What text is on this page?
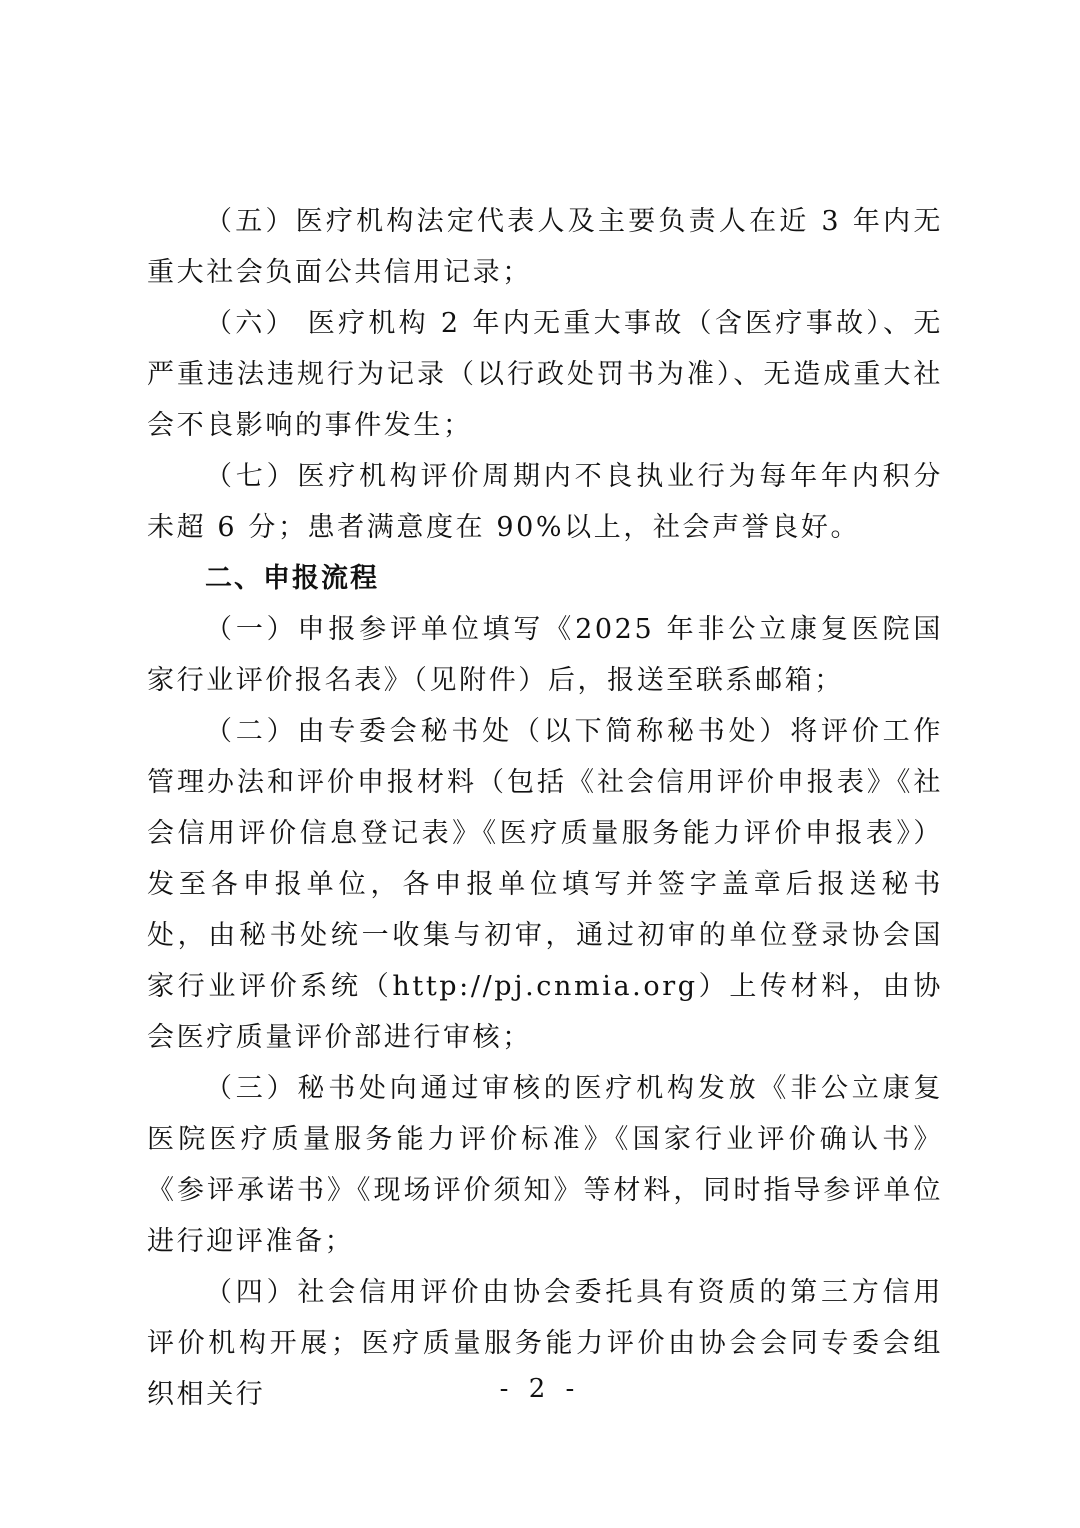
（五）医疗机构法定代表人及主要负责人在近 3 年内无重大社会负面公共信用记录；

（六） 医疗机构 2 年内无重大事故（含医疗事故）、无严重违法违规行为记录（以行政处罚书为准）、无造成重大社会不良影响的事件发生；

（七）医疗机构评价周期内不良执业行为每年年内积分未超 6 分；患者满意度在 90%以上，社会声誉良好。

二、申报流程

（一）申报参评单位填写《2025 年非公立康复医院国家行业评价报名表》（见附件）后，报送至联系邮箱；

（二）由专委会秘书处（以下简称秘书处）将评价工作管理办法和评价申报材料（包括《社会信用评价申报表》《社会信用评价信息登记表》《医疗质量服务能力评价申报表》）发至各申报单位，各申报单位填写并签字盖章后报送秘书处，由秘书处统一收集与初审，通过初审的单位登录协会国家行业评价系统（http://pj.cnmia.org）上传材料，由协会医疗质量评价部进行审核；

（三）秘书处向通过审核的医疗机构发放《非公立康复医院医疗质量服务能力评价标准》《国家行业评价确认书》《参评承诺书》《现场评价须知》等材料，同时指导参评单位进行迎评准备；

（四）社会信用评价由协会委托具有资质的第三方信用评价机构开展；医疗质量服务能力评价由协会会同专委会组织相关行	- 2 -
